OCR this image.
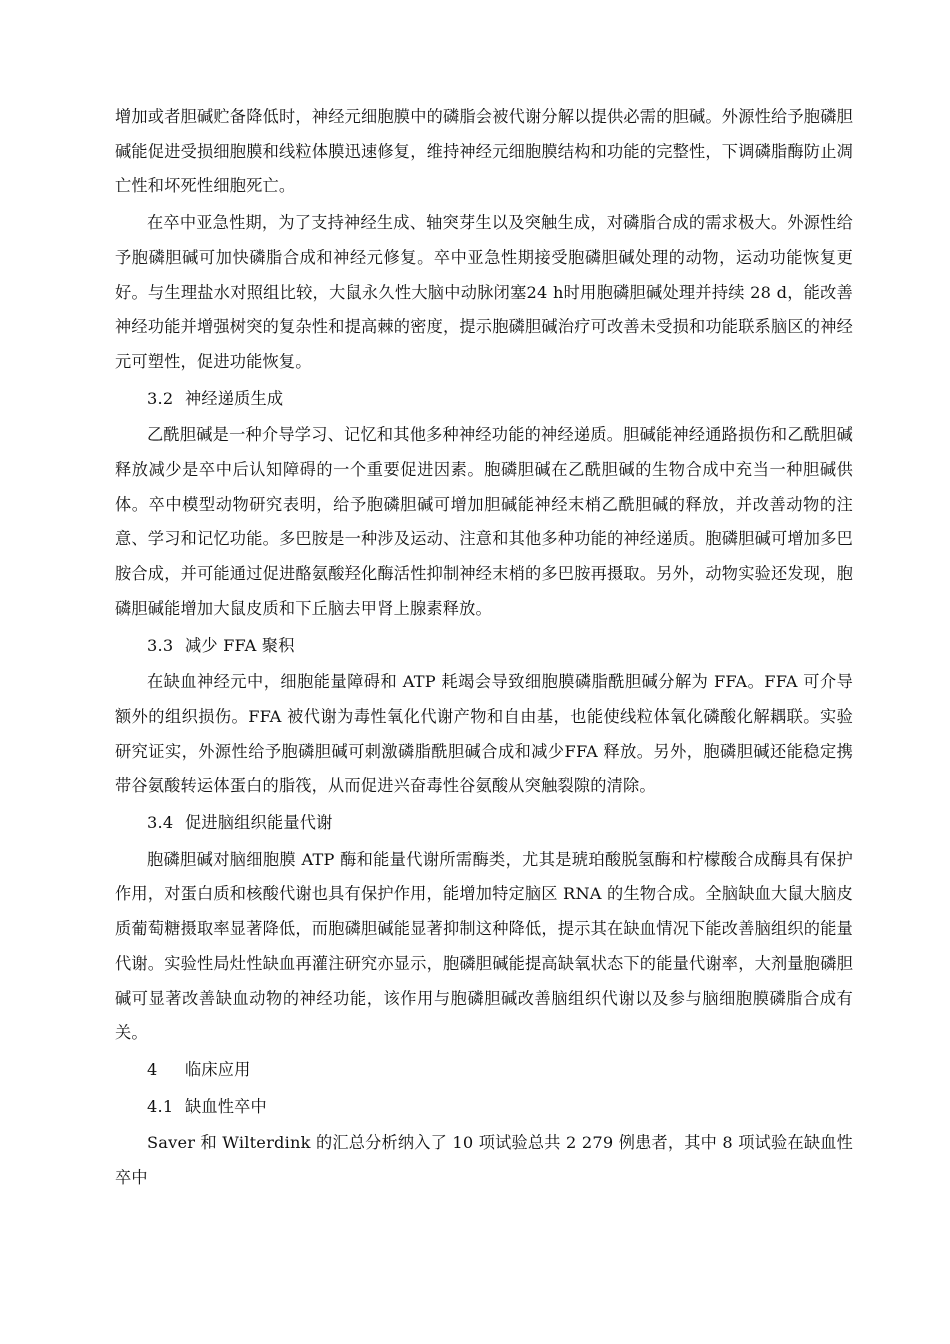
增加或者胆碱贮备降低时，神经元细胞膜中的磷脂会被代谢分解以提供必需的胆碱。外源性给予胞磷胆碱能促进受损细胞膜和线粒体膜迅速修复，维持神经元细胞膜结构和功能的完整性，下调磷脂酶防止凋亡性和坏死性细胞死亡。

在卒中亚急性期，为了支持神经生成、轴突芽生以及突触生成，对磷脂合成的需求极大。外源性给予胞磷胆碱可加快磷脂合成和神经元修复。卒中亚急性期接受胞磷胆碱处理的动物，运动功能恢复更好。与生理盐水对照组比较，大鼠永久性大脑中动脉闭塞24 h时用胞磷胆碱处理并持续 28 d，能改善神经功能并增强树突的复杂性和提高棘的密度，提示胞磷胆碱治疗可改善未受损和功能联系脑区的神经元可塑性，促进功能恢复。

3.2 神经递质生成

乙酰胆碱是一种介导学习、记忆和其他多种神经功能的神经递质。胆碱能神经通路损伤和乙酰胆碱释放减少是卒中后认知障碍的一个重要促进因素。胞磷胆碱在乙酰胆碱的生物合成中充当一种胆碱供体。卒中模型动物研究表明，给予胞磷胆碱可增加胆碱能神经末梢乙酰胆碱的释放，并改善动物的注意、学习和记忆功能。多巴胺是一种涉及运动、注意和其他多种功能的神经递质。胞磷胆碱可增加多巴胺合成，并可能通过促进酪氨酸羟化酶活性抑制神经末梢的多巴胺再摄取。另外，动物实验还发现，胞磷胆碱能增加大鼠皮质和下丘脑去甲肾上腺素释放。

3.3 减少 FFA 聚积

在缺血神经元中，细胞能量障碍和 ATP 耗竭会导致细胞膜磷脂酰胆碱分解为 FFA。FFA 可介导额外的组织损伤。FFA 被代谢为毒性氧化代谢产物和自由基，也能使线粒体氧化磷酸化解耦联。实验研究证实，外源性给予胞磷胆碱可刺激磷脂酰胆碱合成和减少FFA 释放。另外，胞磷胆碱还能稳定携带谷氨酸转运体蛋白的脂筏，从而促进兴奋毒性谷氨酸从突触裂隙的清除。

3.4 促进脑组织能量代谢

胞磷胆碱对脑细胞膜 ATP 酶和能量代谢所需酶类，尤其是琥珀酸脱氢酶和柠檬酸合成酶具有保护作用，对蛋白质和核酸代谢也具有保护作用，能增加特定脑区 RNA 的生物合成。全脑缺血大鼠大脑皮质葡萄糖摄取率显著降低，而胞磷胆碱能显著抑制这种降低，提示其在缺血情况下能改善脑组织的能量代谢。实验性局灶性缺血再灌注研究亦显示，胞磷胆碱能提高缺氧状态下的能量代谢率，大剂量胞磷胆碱可显著改善缺血动物的神经功能，该作用与胞磷胆碱改善脑组织代谢以及参与脑细胞膜磷脂合成有关。

4 临床应用
4.1 缺血性卒中

Saver 和 Wilterdink 的汇总分析纳入了 10 项试验总共 2 279 例患者，其中 8 项试验在缺血性卒中
